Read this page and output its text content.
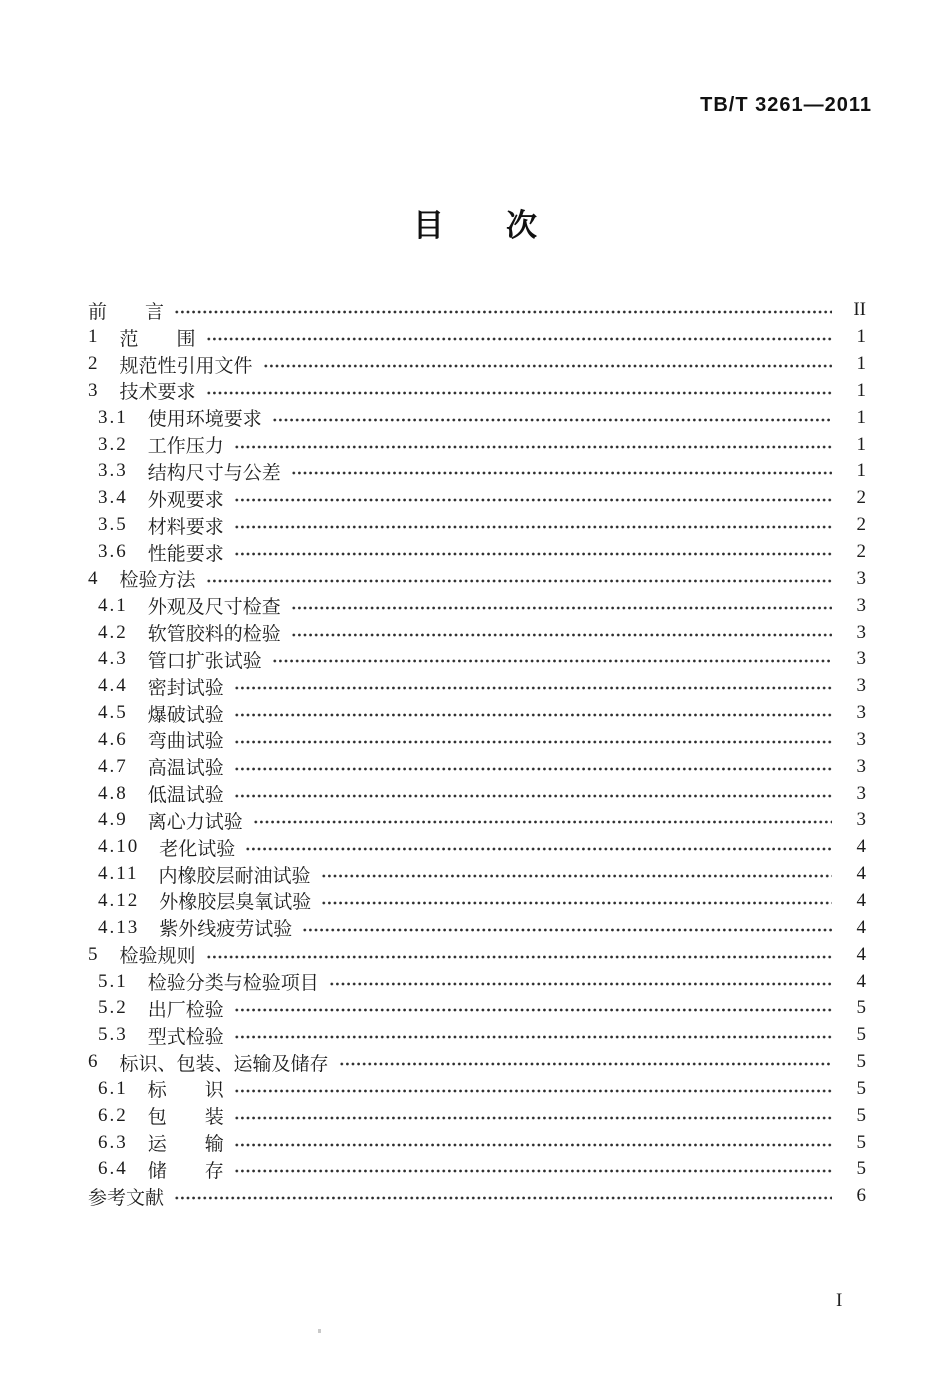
TB/T 3261—2011
目　　次
前　　言	II
1 范　　围	1
2 规范性引用文件	1
3 技术要求	1
3.1 使用环境要求	1
3.2 工作压力	1
3.3 结构尺寸与公差	1
3.4 外观要求	2
3.5 材料要求	2
3.6 性能要求	2
4 检验方法	3
4.1 外观及尺寸检查	3
4.2 软管胶料的检验	3
4.3 管口扩张试验	3
4.4 密封试验	3
4.5 爆破试验	3
4.6 弯曲试验	3
4.7 高温试验	3
4.8 低温试验	3
4.9 离心力试验	3
4.10 老化试验	4
4.11 内橡胶层耐油试验	4
4.12 外橡胶层臭氧试验	4
4.13 紫外线疲劳试验	4
5 检验规则	4
5.1 检验分类与检验项目	4
5.2 出厂检验	5
5.3 型式检验	5
6 标识、包装、运输及储存	5
6.1 标　　识	5
6.2 包　　装	5
6.3 运　　输	5
6.4 储　　存	5
参考文献	6
I
